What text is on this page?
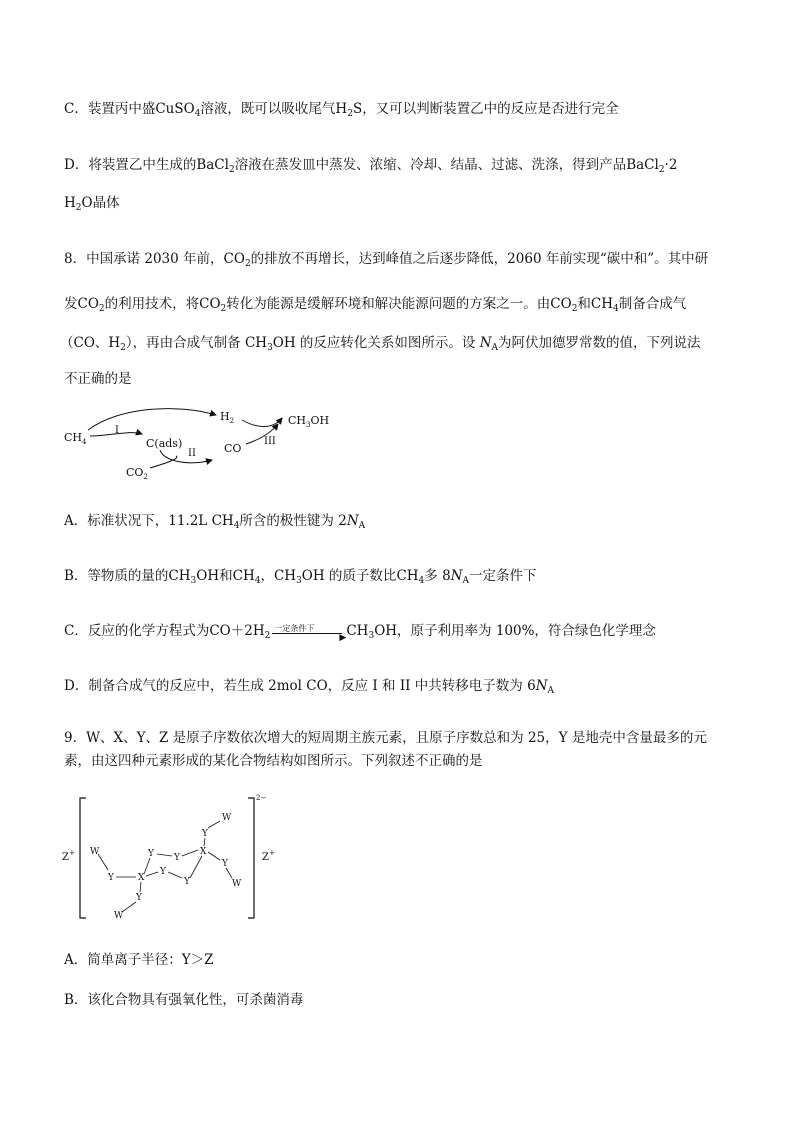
C．装置丙中盛CuSO$_4$溶液，既可以吸收尾气$H_2S$，又可以判断装置乙中的反应是否进行完全
D．将装置乙中生成的BaCl$_2$溶液在蒸发皿中蒸发、浓缩、冷却、结晶、过滤、洗涤，得到产品BaCl$_2$·2
$H_2O$晶体
8．中国承诺 2030 年前，$CO_2$的排放不再增长，达到峰值之后逐步降低，2060 年前实现“碳中和”。其中研
发$CO_2$的利用技术，将$CO_2$转化为能源是缓解环境和解决能源问题的方案之一。由$CO_2$和$CH_4$制备合成气
（CO、$H_2$），再由合成气制备 $CH_3OH$ 的反应转化关系如图所示。设 $N_A$为阿伏加德罗常数的值，下列说法
不正确的是
$CH_4$
I
$H_2$	$CH_3OH$
C(ads)
II	CO
III
$CO_2$
A．标准状况下，11.2L $CH_4$所含的极性键为 $2N_A$
B．等物质的量的$CH_3OH$和$CH_4$，$CH_3OH$ 的质子数比$CH_4$多 $8N_A$一定条件下
C．反应的化学方程式为$CO+2H_2$
一定条件下
▶ $CH_3OH$，原子利用率为 100%，符合绿色化学理念
D．制备合成气的反应中，若生成 2mol CO，反应 I 和 II 中共转移电子数为 $6N_A$
9．W、X、Y、Z 是原子序数依次增大的短周期主族元素，且原子序数总和为 25，Y 是地壳中含量最多的元
素，由这四种元素形成的某化合物结构如图所示。下列叙述不正确的是
Z+
2−
Z+
W
Y
X
Y Y
W
Y	X
Y
Y
Y
W
Y
W
A．简单离子半径：Y＞Z
B．该化合物具有强氧化性，可杀菌消毒
